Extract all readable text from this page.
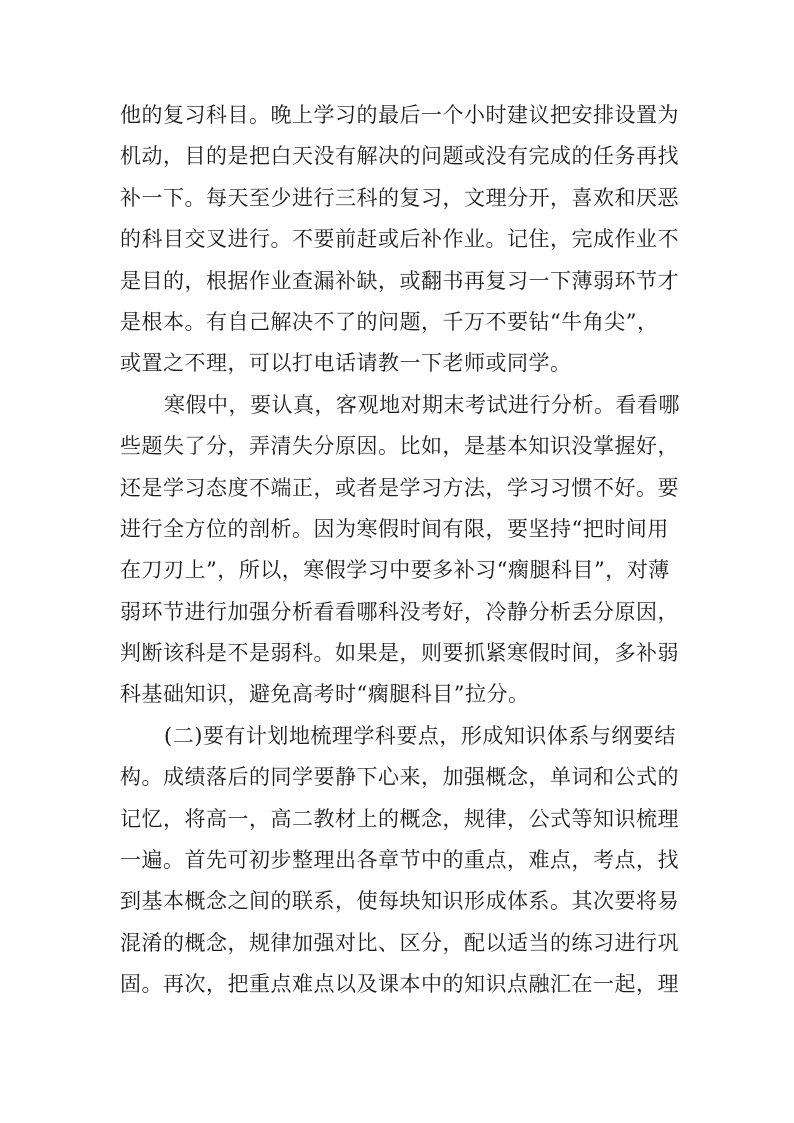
他的复习科目。晚上学习的最后一个小时建议把安排设置为
机动，目的是把白天没有解决的问题或没有完成的任务再找
补一下。每天至少进行三科的复习，文理分开，喜欢和厌恶
的科目交叉进行。不要前赶或后补作业。记住，完成作业不
是目的，根据作业查漏补缺，或翻书再复习一下薄弱环节才
是根本。有自己解决不了的问题，千万不要钻“牛角尖”，
或置之不理，可以打电话请教一下老师或同学。
寒假中，要认真，客观地对期末考试进行分析。看看哪
些题失了分，弄清失分原因。比如，是基本知识没掌握好，
还是学习态度不端正，或者是学习方法，学习习惯不好。要
进行全方位的剖析。因为寒假时间有限，要坚持“把时间用
在刀刃上”，所以，寒假学习中要多补习“瘸腿科目”，对薄
弱环节进行加强分析看看哪科没考好，冷静分析丢分原因，
判断该科是不是弱科。如果是，则要抓紧寒假时间，多补弱
科基础知识，避免高考时“瘸腿科目”拉分。
(二)要有计划地梳理学科要点，形成知识体系与纲要结
构。成绩落后的同学要静下心来，加强概念，单词和公式的
记忆，将高一，高二教材上的概念，规律，公式等知识梳理
一遍。首先可初步整理出各章节中的重点，难点，考点，找
到基本概念之间的联系，使每块知识形成体系。其次要将易
混淆的概念，规律加强对比、区分，配以适当的练习进行巩
固。再次，把重点难点以及课本中的知识点融汇在一起，理
